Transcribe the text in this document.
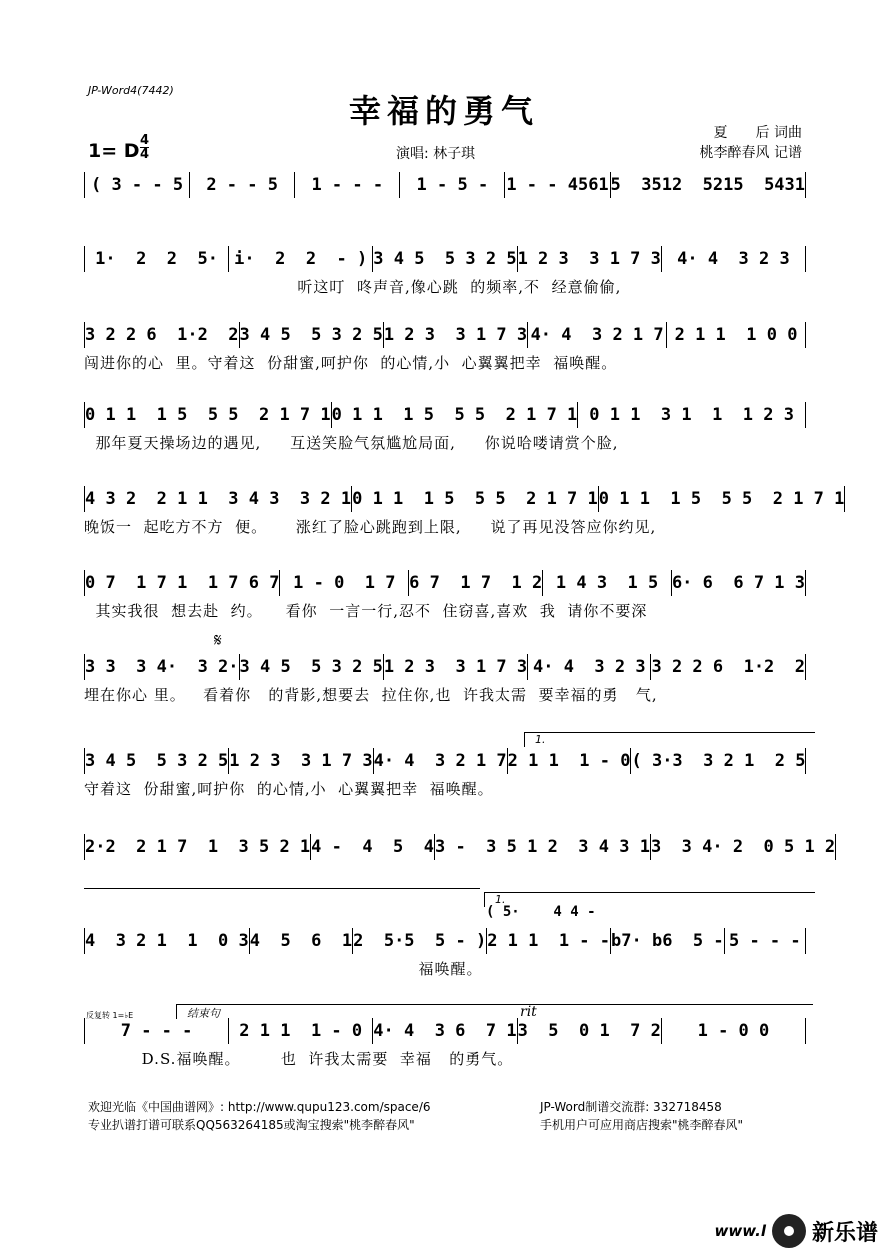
JP-Word4(7442)
幸福的勇气
夏　　后 词曲
桃李醉春风 记谱
1= D 4
4	演唱: 林子琪
( 3 - - 5	2 - - 5	1 - - -	1 - 5 -	1 - - 4561 5  3512  5215  5431
1·  2  2  5· i·  2  2  - ) 3 4 5  5 3 2 5 1 2 3  3 1 7 3 4· 4  3 2 3
听这叮  咚声音,像心跳  的频率,不  经意偷偷,
3 2 2 6  1·2  2 3 4 5  5 3 2 5 1 2 3  3 1 7 3 4· 4  3 2 1 7 2 1 1  1 0 0
闯进你的心  里。守着这  份甜蜜,呵护你  的心情,小  心翼翼把幸  福唤醒。
0 1 1  1 5  5 5  2 1 7 1 0 1 1  1 5  5 5  2 1 7 1 0 1 1  3 1  1  1 2 3
那年夏天操场边的遇见,     互送笑脸气氛尴尬局面,     你说哈喽请赏个脸,
4 3 2  2 1 1  3 4 3  3 2 1 0 1 1  1 5  5 5  2 1 7 1 0 1 1  1 5  5 5  2 1 7 1
晚饭一  起吃方不方  便。     涨红了脸心跳跑到上限,     说了再见没答应你约见,
0 7  1 7 1  1 7 6 7 1 - 0  1 7 6 7  1 7  1 2 1 4 3  1 5 6· 6  6 7 1 3
其实我很  想去赴  约。    看你  一言一行,忍不  住窃喜,喜欢  我  请你不要深
3 3  3 4·  3 2· 3 4 5  5 3 2 5 1 2 3  3 1 7 3 4· 4  3 2 3 3 2 2 6  1·2  2
埋在你心 里。   看着你   的背影,想要去  拉住你,也  许我太需  要幸福的勇   气,
3 4 5  5 3 2 5 1 2 3  3 1 7 3 4· 4  3 2 1 7 2 1 1  1 - 0 ( 3·3  3 2 1  2 5
守着这  份甜蜜,呵护你  的心情,小  心翼翼把幸  福唤醒。
2·2  2 1 7  1  3 5 2 1 4 -  4  5  4 3 -  3 5 1 2  3 4 3 1 3  3 4· 2  0 5 1 2
4  3 2 1  1  0 3 4  5  6  1 2  5·5  5 - ) 2 1 1  1 - - b7· b6  5 - 5 - - -
福唤醒。
7 - - -	2 1 1  1 - 0 4· 4  3 6  7 1 3  5  0 1  7 2	1 - 0 0
D.S.福唤醒。       也  许我太需要  幸福   的勇气。
1.
1.
( 5·    4 4 -
结束句	rit
𝄋
反复转 1=♭E
欢迎光临《中国曲谱网》: http://www.qupu123.com/space/6
专业扒谱打谱可联系QQ563264185或淘宝搜索"桃李醉春风"
JP-Word制谱交流群: 332718458
手机用户可应用商店搜索"桃李醉春风"
www.l 新乐谱
